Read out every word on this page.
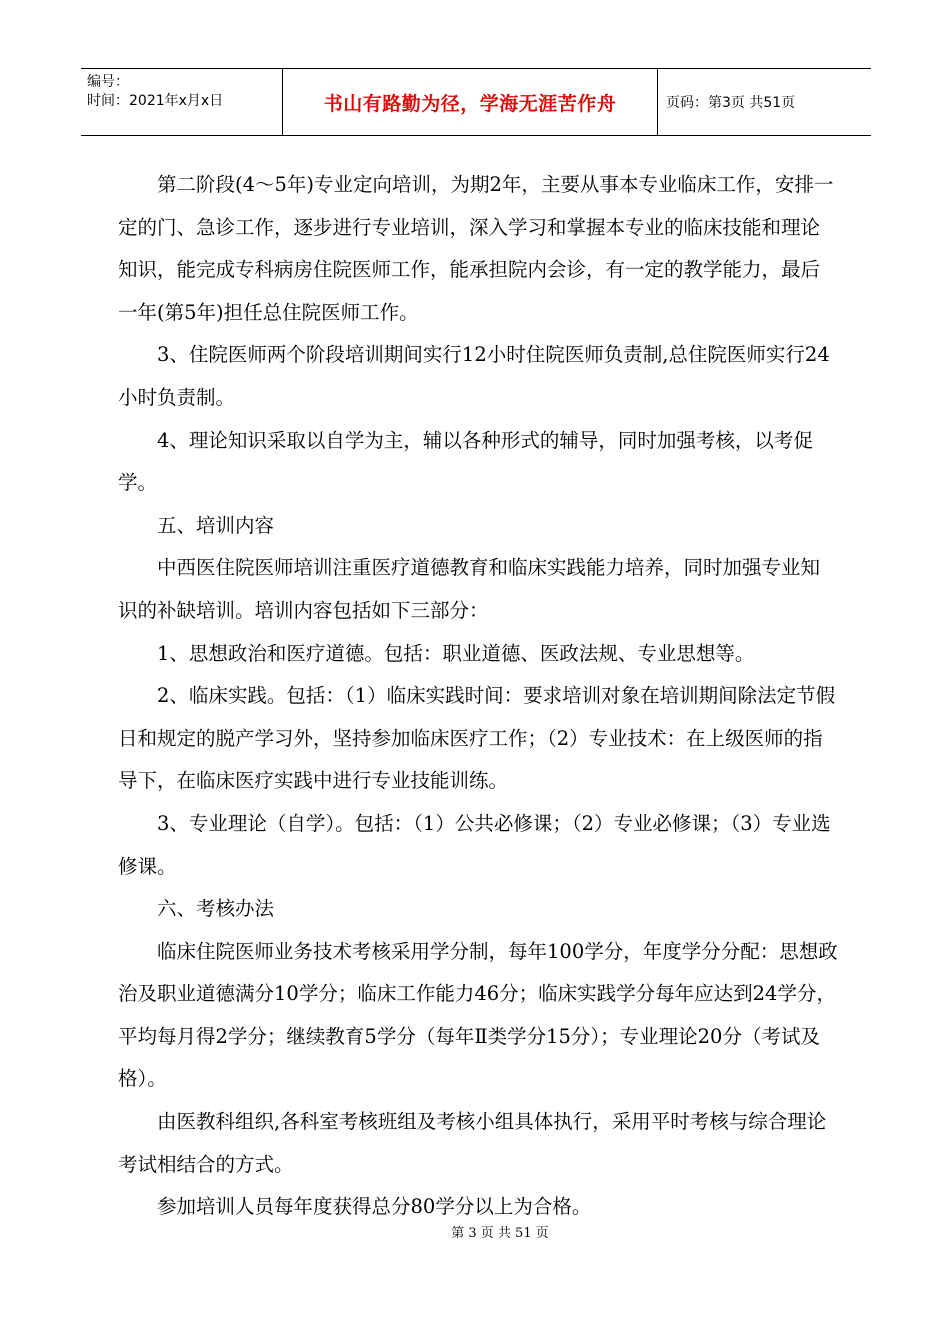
编号：
时间：2021年x月x日	书山有路勤为径，学海无涯苦作舟	页码：第3页 共51页

第二阶段(4～5年)专业定向培训，为期2年，主要从事本专业临床工作，安排一定的门、急诊工作，逐步进行专业培训，深入学习和掌握本专业的临床技能和理论知识，能完成专科病房住院医师工作，能承担院内会诊，有一定的教学能力，最后一年(第5年)担任总住院医师工作。

3、住院医师两个阶段培训期间实行12小时住院医师负责制,总住院医师实行24小时负责制。

4、理论知识采取以自学为主，辅以各种形式的辅导，同时加强考核，以考促学。

五、培训内容

中西医住院医师培训注重医疗道德教育和临床实践能力培养，同时加强专业知识的补缺培训。培训内容包括如下三部分：

1、思想政治和医疗道德。包括：职业道德、医政法规、专业思想等。

2、临床实践。包括：（1）临床实践时间：要求培训对象在培训期间除法定节假日和规定的脱产学习外，坚持参加临床医疗工作；（2）专业技术：在上级医师的指导下，在临床医疗实践中进行专业技能训练。

3、专业理论（自学）。包括：（1）公共必修课；（2）专业必修课；（3）专业选修课。

六、考核办法

临床住院医师业务技术考核采用学分制，每年100学分，年度学分分配：思想政治及职业道德满分10学分；临床工作能力46分；临床实践学分每年应达到24学分，平均每月得2学分；继续教育5学分（每年Ⅱ类学分15分）；专业理论20分（考试及格）。

由医教科组织,各科室考核班组及考核小组具体执行，采用平时考核与综合理论考试相结合的方式。

参加培训人员每年度获得总分80学分以上为合格。

第 3 页 共 51 页
